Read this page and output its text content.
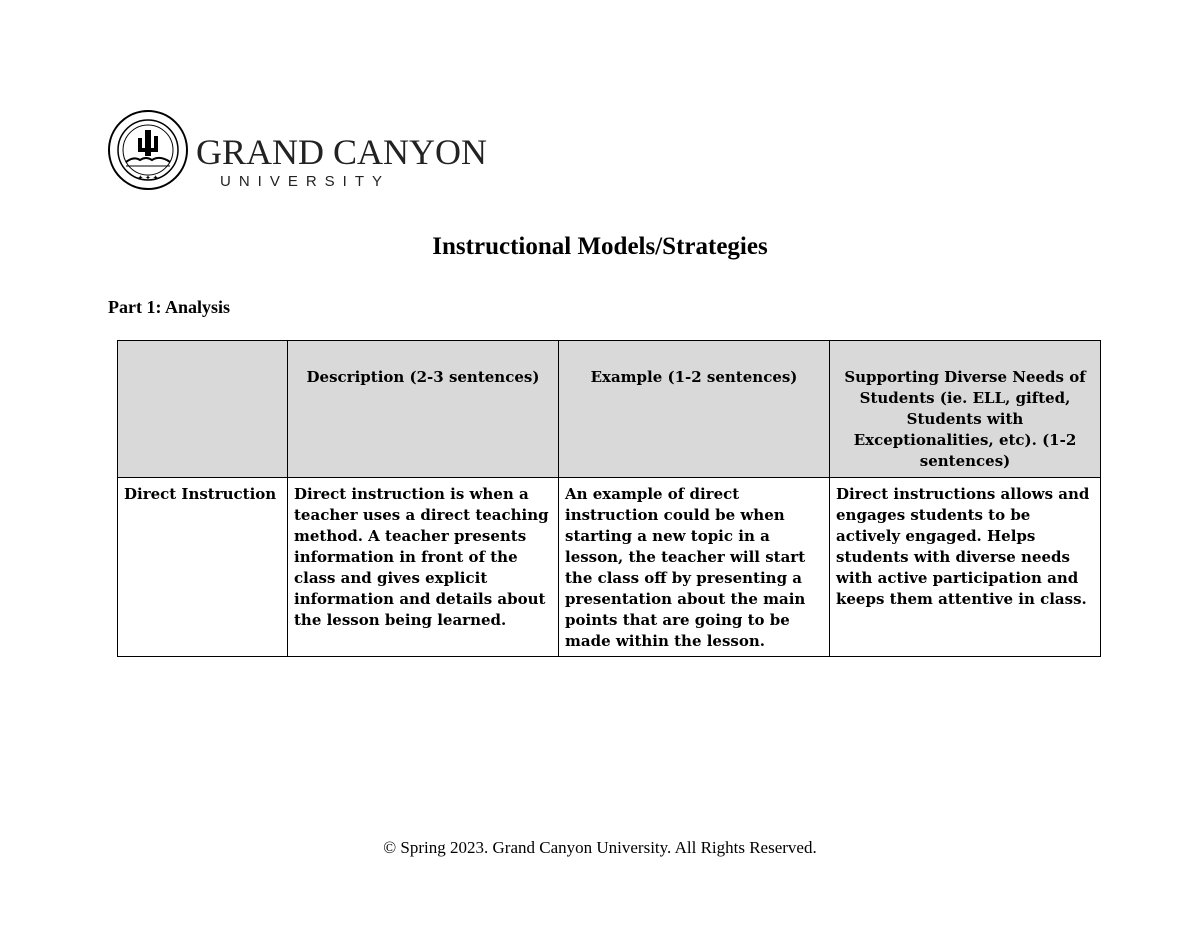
✦ ✦ ✦
GRAND CANYON
UNIVERSITY
Instructional Models/Strategies
Part 1: Analysis
	Description (2-3 sentences)	Example (1-2 sentences)	Supporting Diverse Needs of Students (ie. ELL, gifted, Students with Exceptionalities, etc). (1-2 sentences)
Direct Instruction	Direct instruction is when a teacher uses a direct teaching method. A teacher presents information in front of the class and gives explicit information and details about the lesson being learned.	An example of direct instruction could be when starting a new topic in a lesson, the teacher will start the class off by presenting a presentation about the main points that are going to be made within the lesson.	Direct instructions allows and engages students to be actively engaged. Helps students with diverse needs with active participation and keeps them attentive in class.
© Spring 2023. Grand Canyon University. All Rights Reserved.
